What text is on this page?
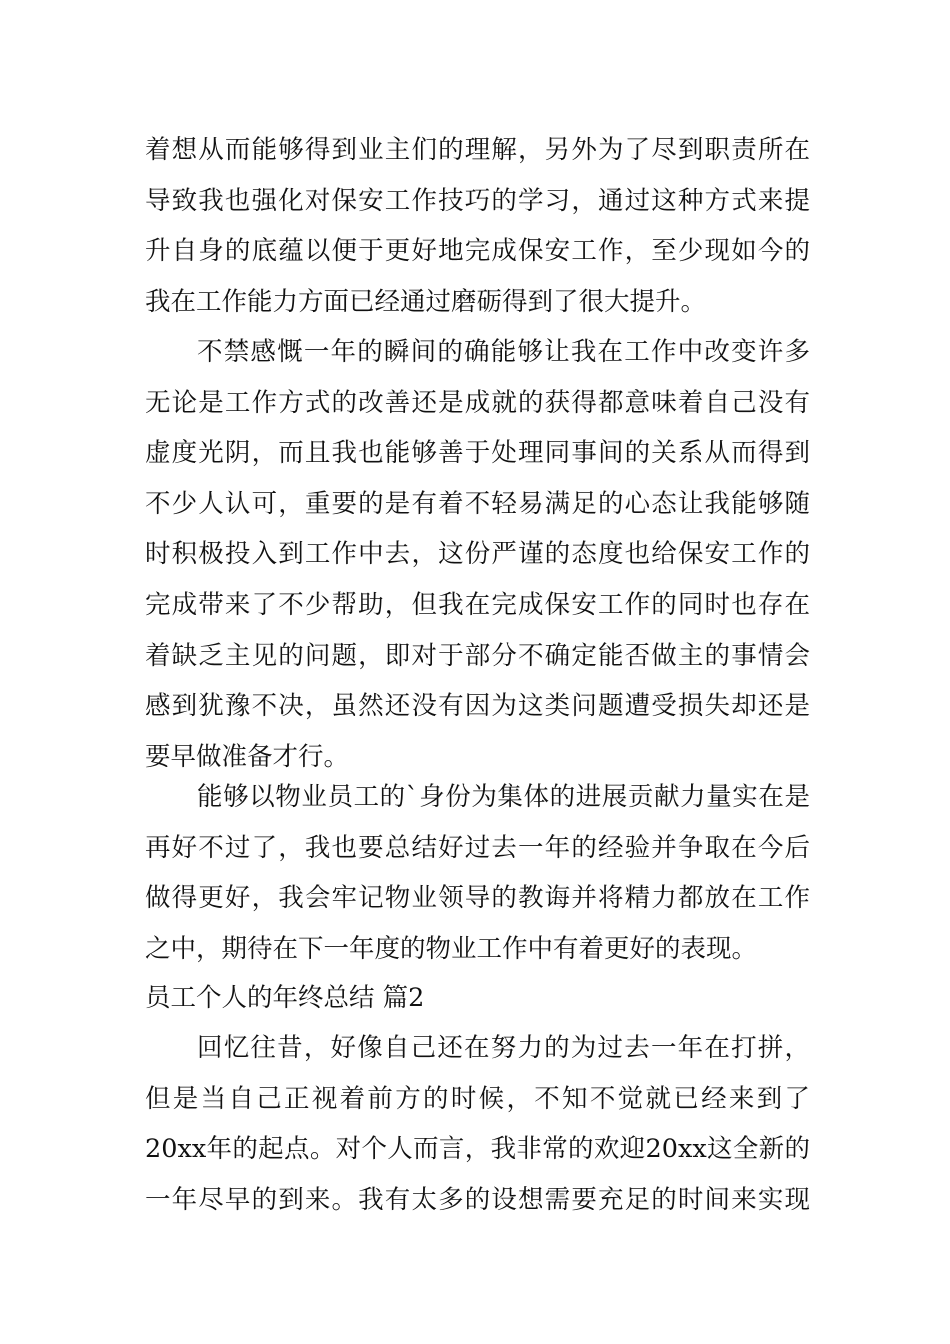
着想从而能够得到业主们的理解，另外为了尽到职责所在
导致我也强化对保安工作技巧的学习，通过这种方式来提
升自身的底蕴以便于更好地完成保安工作，至少现如今的
我在工作能力方面已经通过磨砺得到了很大提升。
不禁感慨一年的瞬间的确能够让我在工作中改变许多
无论是工作方式的改善还是成就的获得都意味着自己没有
虚度光阴，而且我也能够善于处理同事间的关系从而得到
不少人认可，重要的是有着不轻易满足的心态让我能够随
时积极投入到工作中去，这份严谨的态度也给保安工作的
完成带来了不少帮助，但我在完成保安工作的同时也存在
着缺乏主见的问题，即对于部分不确定能否做主的事情会
感到犹豫不决，虽然还没有因为这类问题遭受损失却还是
要早做准备才行。
能够以物业员工的`身份为集体的进展贡献力量实在是
再好不过了，我也要总结好过去一年的经验并争取在今后
做得更好，我会牢记物业领导的教诲并将精力都放在工作
之中，期待在下一年度的物业工作中有着更好的表现。
员工个人的年终总结 篇2
回忆往昔，好像自己还在努力的为过去一年在打拼，
但是当自己正视着前方的时候，不知不觉就已经来到了
20xx年的起点。对个人而言，我非常的欢迎20xx这全新的
一年尽早的到来。我有太多的设想需要充足的时间来实现
